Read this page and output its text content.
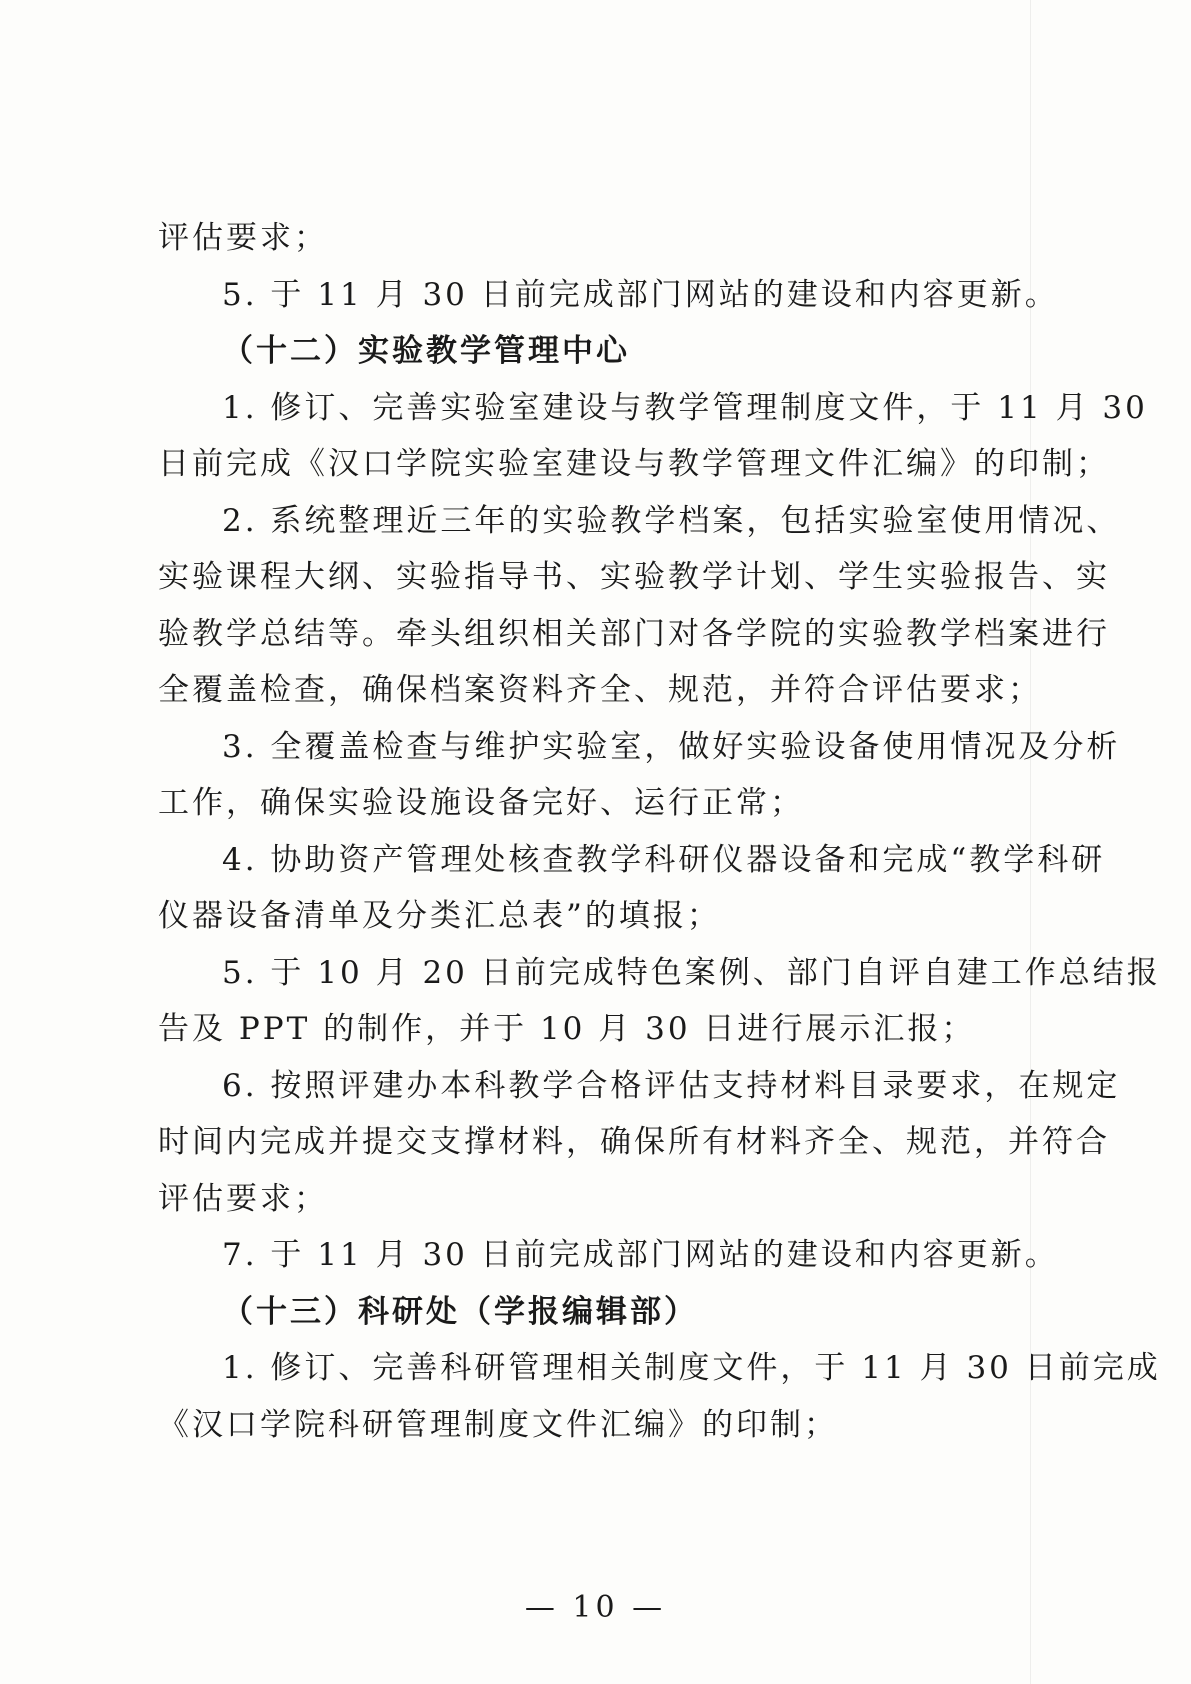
评估要求；
5. 于 11 月 30 日前完成部门网站的建设和内容更新。
（十二）实验教学管理中心
1. 修订、完善实验室建设与教学管理制度文件，于 11 月 30
日前完成《汉口学院实验室建设与教学管理文件汇编》的印制；
2. 系统整理近三年的实验教学档案，包括实验室使用情况、
实验课程大纲、实验指导书、实验教学计划、学生实验报告、实
验教学总结等。牵头组织相关部门对各学院的实验教学档案进行
全覆盖检查，确保档案资料齐全、规范，并符合评估要求；
3. 全覆盖检查与维护实验室，做好实验设备使用情况及分析
工作，确保实验设施设备完好、运行正常；
4. 协助资产管理处核查教学科研仪器设备和完成“教学科研
仪器设备清单及分类汇总表”的填报；
5. 于 10 月 20 日前完成特色案例、部门自评自建工作总结报
告及 PPT 的制作，并于 10 月 30 日进行展示汇报；
6. 按照评建办本科教学合格评估支持材料目录要求，在规定
时间内完成并提交支撑材料，确保所有材料齐全、规范，并符合
评估要求；
7. 于 11 月 30 日前完成部门网站的建设和内容更新。
（十三）科研处（学报编辑部）
1. 修订、完善科研管理相关制度文件，于 11 月 30 日前完成
《汉口学院科研管理制度文件汇编》的印制；
— 10 —
